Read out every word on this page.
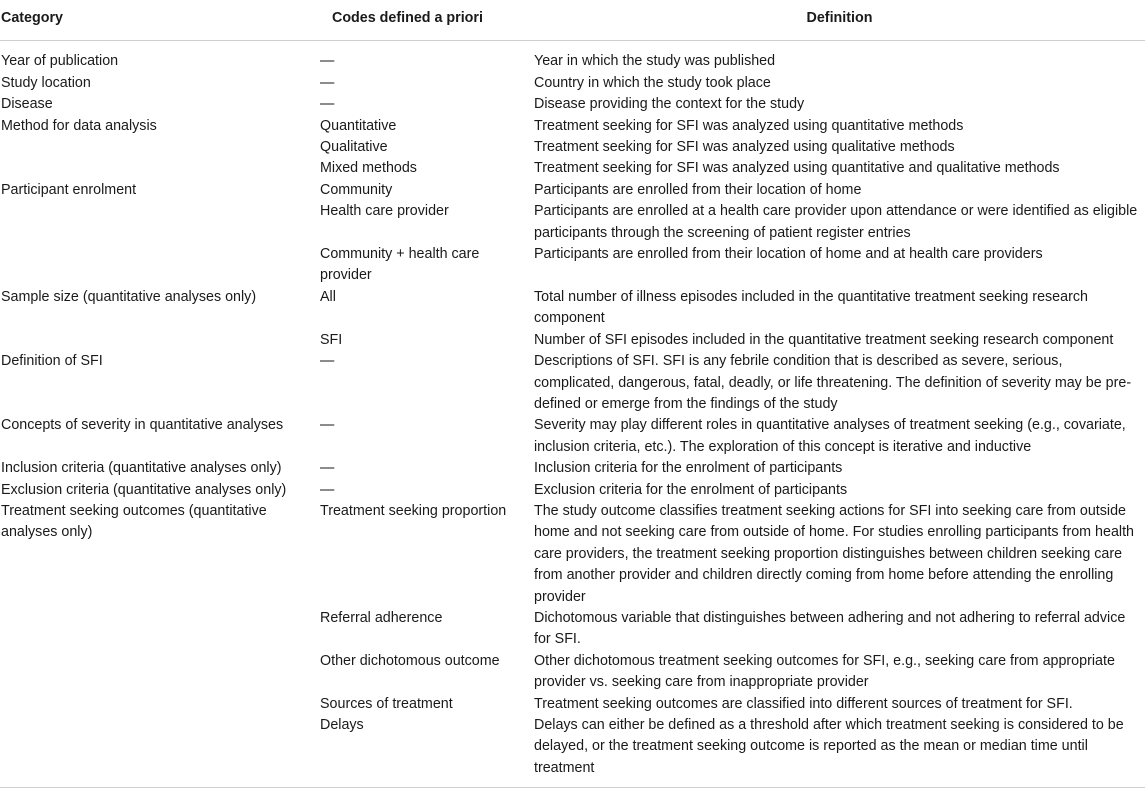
Category	Codes defined a priori	Definition
Year of publication	—	Year in which the study was published
Study location	—	Country in which the study took place
Disease	—	Disease providing the context for the study
Method for data analysis	Quantitative	Treatment seeking for SFI was analyzed using quantitative methods
	Qualitative	Treatment seeking for SFI was analyzed using qualitative methods
	Mixed methods	Treatment seeking for SFI was analyzed using quantitative and qualitative methods
Participant enrolment	Community	Participants are enrolled from their location of home
	Health care provider	Participants are enrolled at a health care provider upon attendance or were identified as eligible participants through the screening of patient register entries
	Community + health care provider	Participants are enrolled from their location of home and at health care providers
Sample size (quantitative analyses only)	All	Total number of illness episodes included in the quantitative treatment seeking research component
	SFI	Number of SFI episodes included in the quantitative treatment seeking research component
Definition of SFI	—	Descriptions of SFI. SFI is any febrile condition that is described as severe, serious, complicated, dangerous, fatal, deadly, or life threatening. The definition of severity may be pre-defined or emerge from the findings of the study
Concepts of severity in quantitative analyses	—	Severity may play different roles in quantitative analyses of treatment seeking (e.g., covariate, inclusion criteria, etc.). The exploration of this concept is iterative and inductive
Inclusion criteria (quantitative analyses only)	—	Inclusion criteria for the enrolment of participants
Exclusion criteria (quantitative analyses only)	—	Exclusion criteria for the enrolment of participants
Treatment seeking outcomes (quantitative analyses only)	Treatment seeking proportion	The study outcome classifies treatment seeking actions for SFI into seeking care from outside home and not seeking care from outside of home. For studies enrolling participants from health care providers, the treatment seeking proportion distinguishes between children seeking care from another provider and children directly coming from home before attending the enrolling provider
	Referral adherence	Dichotomous variable that distinguishes between adhering and not adhering to referral advice for SFI.
	Other dichotomous outcome	Other dichotomous treatment seeking outcomes for SFI, e.g., seeking care from appropriate provider vs. seeking care from inappropriate provider
	Sources of treatment	Treatment seeking outcomes are classified into different sources of treatment for SFI.
	Delays	Delays can either be defined as a threshold after which treatment seeking is considered to be delayed, or the treatment seeking outcome is reported as the mean or median time until treatment
